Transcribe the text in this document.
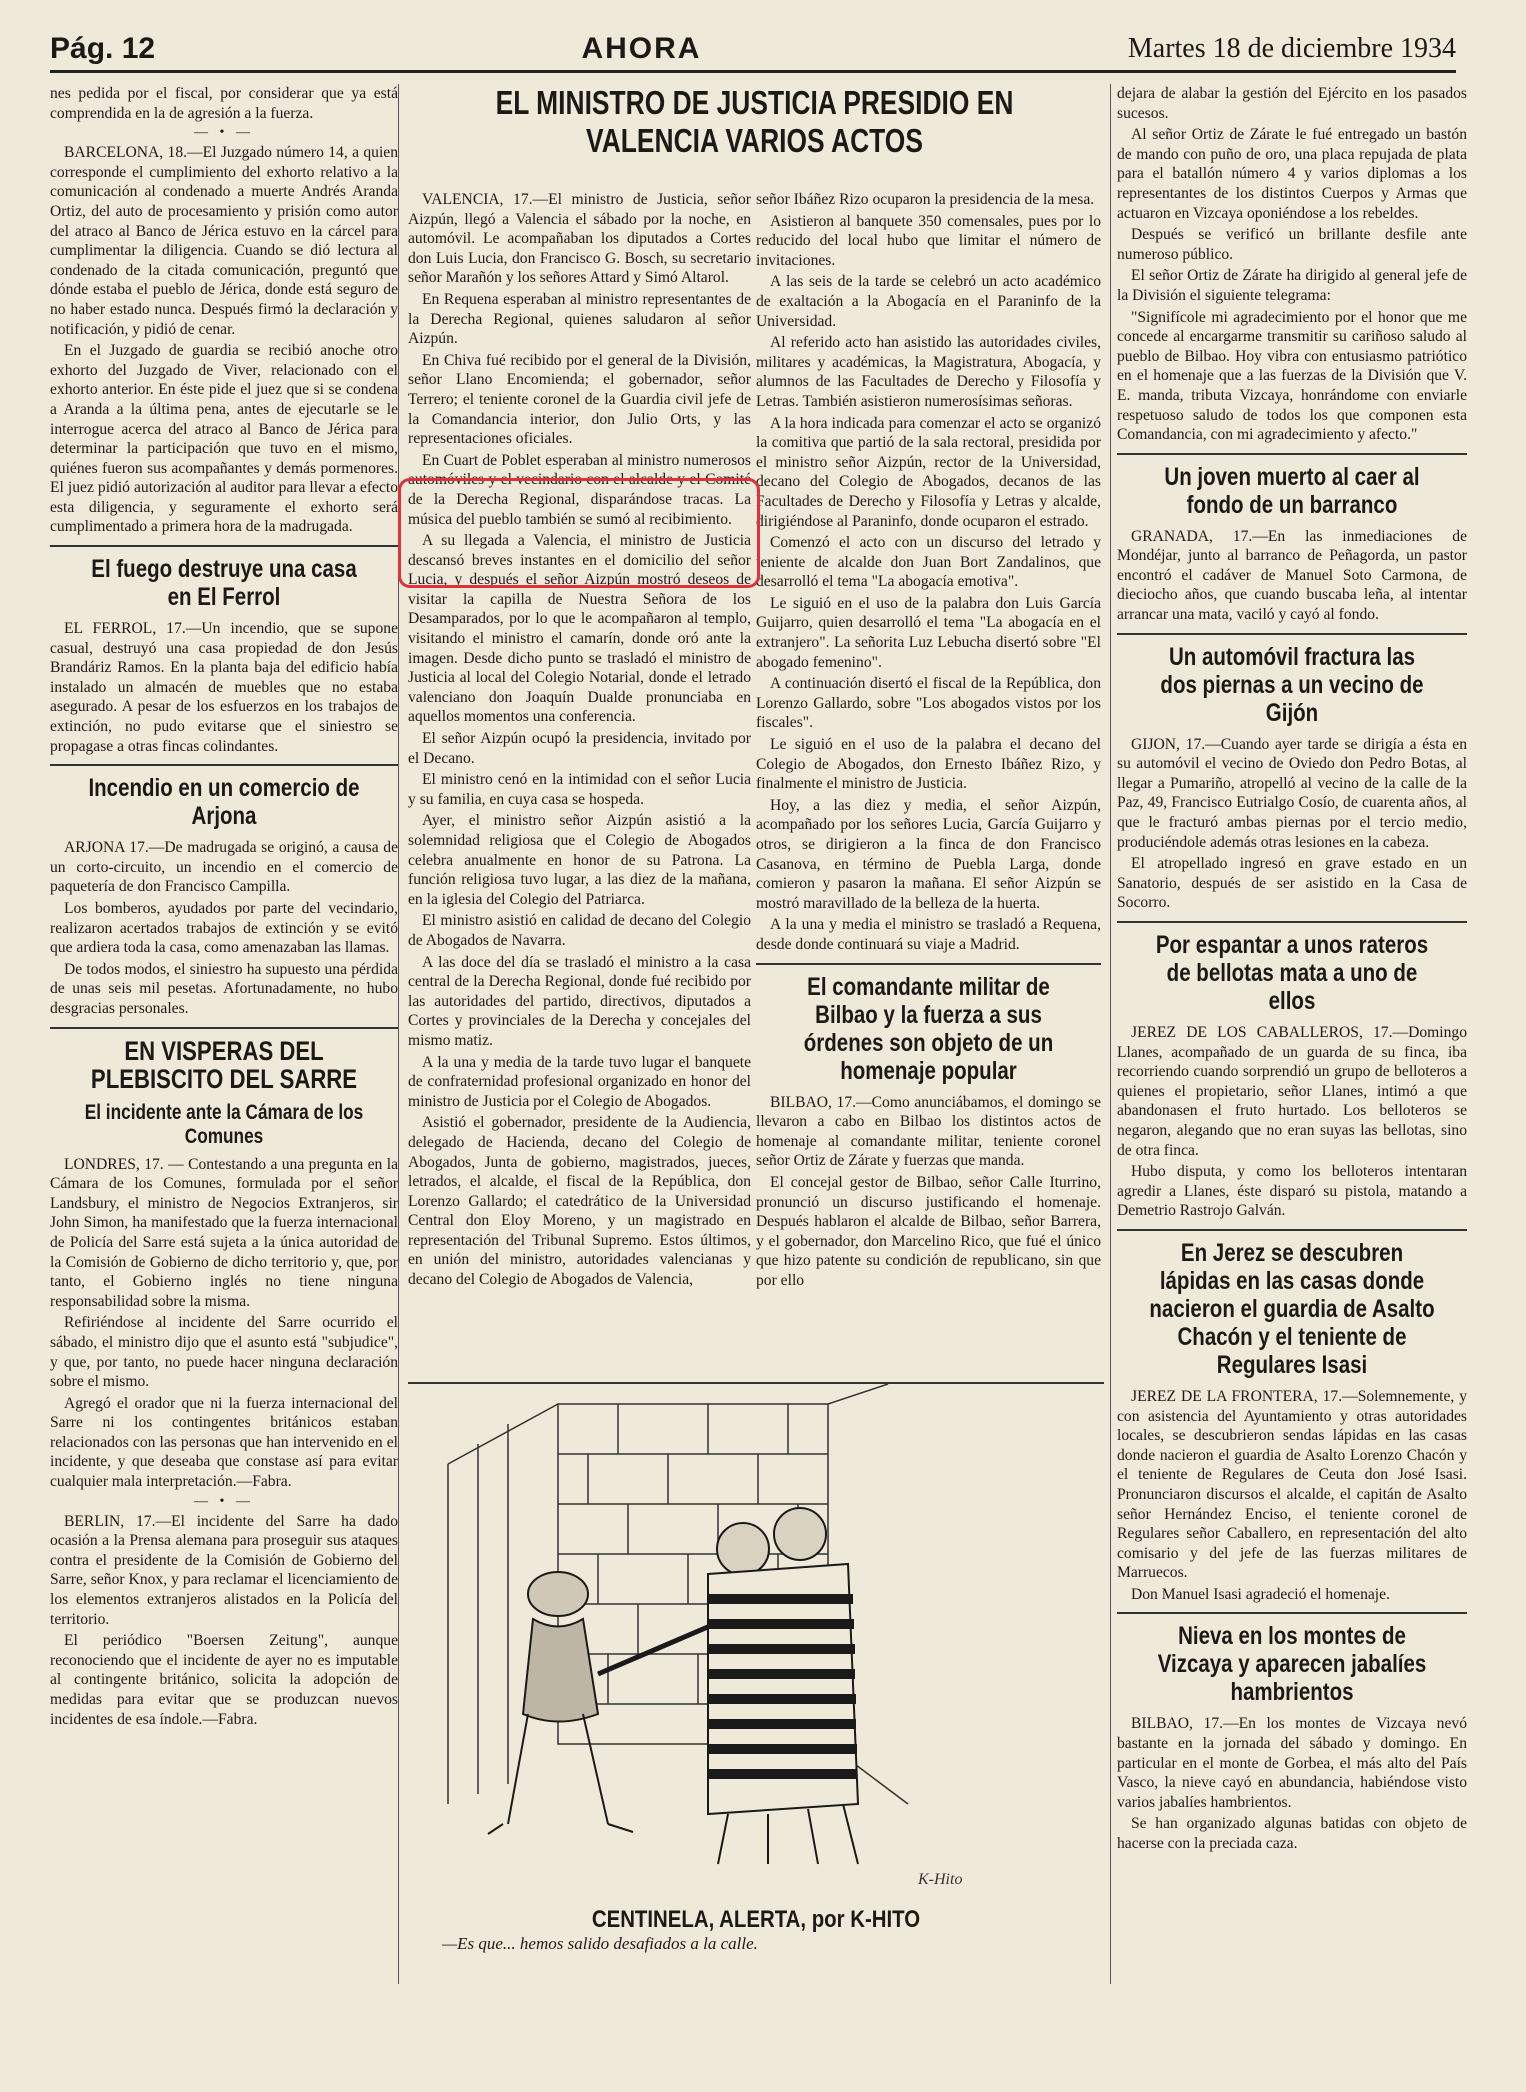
Pág. 12	AHORA	Martes 18 de diciembre 1934

nes pedida por el fiscal, por considerar que ya está comprendida en la de agresión a la fuerza.

— • —

BARCELONA, 18.—El Juzgado número 14, a quien corresponde el cumplimiento del exhorto relativo a la comunicación al condenado a muerte Andrés Aranda Ortiz, del auto de procesamiento y prisión como autor del atraco al Banco de Jérica estuvo en la cárcel para cumplimentar la diligencia. Cuando se dió lectura al condenado de la citada comunicación, preguntó que dónde estaba el pueblo de Jérica, donde está seguro de no haber estado nunca. Después firmó la declaración y notificación, y pidió de cenar.

En el Juzgado de guardia se recibió anoche otro exhorto del Juzgado de Viver, relacionado con el exhorto anterior. En éste pide el juez que si se condena a Aranda a la última pena, antes de ejecutarle se le interrogue acerca del atraco al Banco de Jérica para determinar la participación que tuvo en el mismo, quiénes fueron sus acompañantes y demás pormenores. El juez pidió autorización al auditor para llevar a efecto esta diligencia, y seguramente el exhorto será cumplimentado a primera hora de la madrugada.

El fuego destruye una casa en El Ferrol

EL FERROL, 17.—Un incendio, que se supone casual, destruyó una casa propiedad de don Jesús Brandáriz Ramos. En la planta baja del edificio había instalado un almacén de muebles que no estaba asegurado. A pesar de los esfuerzos en los trabajos de extinción, no pudo evitarse que el siniestro se propagase a otras fincas colindantes.

Incendio en un comercio de Arjona

ARJONA 17.—De madrugada se originó, a causa de un corto-circuito, un incendio en el comercio de paquetería de don Francisco Campilla.

Los bomberos, ayudados por parte del vecindario, realizaron acertados trabajos de extinción y se evitó que ardiera toda la casa, como amenazaban las llamas.

De todos modos, el siniestro ha supuesto una pérdida de unas seis mil pesetas. Afortunadamente, no hubo desgracias personales.

EN VISPERAS DEL PLEBISCITO DEL SARRE
El incidente ante la Cámara de los Comunes

LONDRES, 17. — Contestando a una pregunta en la Cámara de los Comunes, formulada por el señor Landsbury, el ministro de Negocios Extranjeros, sir John Simon, ha manifestado que la fuerza internacional de Policía del Sarre está sujeta a la única autoridad de la Comisión de Gobierno de dicho territorio y, que, por tanto, el Gobierno inglés no tiene ninguna responsabilidad sobre la misma.

Refiriéndose al incidente del Sarre ocurrido el sábado, el ministro dijo que el asunto está "subjudice", y que, por tanto, no puede hacer ninguna declaración sobre el mismo.

Agregó el orador que ni la fuerza internacional del Sarre ni los contingentes británicos estaban relacionados con las personas que han intervenido en el incidente, y que deseaba que constase así para evitar cualquier mala interpretación.—Fabra.

— • —

BERLIN, 17.—El incidente del Sarre ha dado ocasión a la Prensa alemana para proseguir sus ataques contra el presidente de la Comisión de Gobierno del Sarre, señor Knox, y para reclamar el licenciamiento de los elementos extranjeros alistados en la Policía del territorio.

El periódico "Boersen Zeitung", aunque reconociendo que el incidente de ayer no es imputable al contingente británico, solicita la adopción de medidas para evitar que se produzcan nuevos incidentes de esa índole.—Fabra.

EL MINISTRO DE JUSTICIA PRESIDIO EN VALENCIA VARIOS ACTOS

VALENCIA, 17.—El ministro de Justicia, señor Aizpún, llegó a Valencia el sábado por la noche, en automóvil. Le acompañaban los diputados a Cortes don Luis Lucia, don Francisco G. Bosch, su secretario señor Marañón y los señores Attard y Simó Altarol.

En Requena esperaban al ministro representantes de la Derecha Regional, quienes saludaron al señor Aizpún.

En Chiva fué recibido por el general de la División, señor Llano Encomienda; el gobernador, señor Terrero; el teniente coronel de la Guardia civil jefe de la Comandancia interior, don Julio Orts, y las representaciones oficiales.

En Cuart de Poblet esperaban al ministro numerosos automóviles y el vecindario con el alcalde y el Comité de la Derecha Regional, disparándose tracas. La música del pueblo también se sumó al recibimiento.

A su llegada a Valencia, el ministro de Justicia descansó breves instantes en el domicilio del señor Lucia, y después el señor Aizpún mostró deseos de visitar la capilla de Nuestra Señora de los Desamparados, por lo que le acompañaron al templo, visitando el ministro el camarín, donde oró ante la imagen. Desde dicho punto se trasladó el ministro de Justicia al local del Colegio Notarial, donde el letrado valenciano don Joaquín Dualde pronunciaba en aquellos momentos una conferencia.

El señor Aizpún ocupó la presidencia, invitado por el Decano.

El ministro cenó en la intimidad con el señor Lucia y su familia, en cuya casa se hospeda.

Ayer, el ministro señor Aizpún asistió a la solemnidad religiosa que el Colegio de Abogados celebra anualmente en honor de su Patrona. La función religiosa tuvo lugar, a las diez de la mañana, en la iglesia del Colegio del Patriarca.

El ministro asistió en calidad de decano del Colegio de Abogados de Navarra.

A las doce del día se trasladó el ministro a la casa central de la Derecha Regional, donde fué recibido por las autoridades del partido, directivos, diputados a Cortes y provinciales de la Derecha y concejales del mismo matiz.

A la una y media de la tarde tuvo lugar el banquete de confraternidad profesional organizado en honor del ministro de Justicia por el Colegio de Abogados.

Asistió el gobernador, presidente de la Audiencia, delegado de Hacienda, decano del Colegio de Abogados, Junta de gobierno, magistrados, jueces, letrados, el alcalde, el fiscal de la República, don Lorenzo Gallardo; el catedrático de la Universidad Central don Eloy Moreno, y un magistrado en representación del Tribunal Supremo. Estos últimos, en unión del ministro, autoridades valencianas y decano del Colegio de Abogados de Valencia,

señor Ibáñez Rizo ocuparon la presidencia de la mesa.

Asistieron al banquete 350 comensales, pues por lo reducido del local hubo que limitar el número de invitaciones.

A las seis de la tarde se celebró un acto académico de exaltación a la Abogacía en el Paraninfo de la Universidad.

Al referido acto han asistido las autoridades civiles, militares y académicas, la Magistratura, Abogacía, y alumnos de las Facultades de Derecho y Filosofía y Letras. También asistieron numerosísimas señoras.

A la hora indicada para comenzar el acto se organizó la comitiva que partió de la sala rectoral, presidida por el ministro señor Aizpún, rector de la Universidad, decano del Colegio de Abogados, decanos de las Facultades de Derecho y Filosofía y Letras y alcalde, dirigiéndose al Paraninfo, donde ocuparon el estrado.

Comenzó el acto con un discurso del letrado y teniente de alcalde don Juan Bort Zandalinos, que desarrolló el tema "La abogacía emotiva".

Le siguió en el uso de la palabra don Luis García Guijarro, quien desarrolló el tema "La abogacía en el extranjero". La señorita Luz Lebucha disertó sobre "El abogado femenino".

A continuación disertó el fiscal de la República, don Lorenzo Gallardo, sobre "Los abogados vistos por los fiscales".

Le siguió en el uso de la palabra el decano del Colegio de Abogados, don Ernesto Ibáñez Rizo, y finalmente el ministro de Justicia.

Hoy, a las diez y media, el señor Aizpún, acompañado por los señores Lucia, García Guijarro y otros, se dirigieron a la finca de don Francisco Casanova, en término de Puebla Larga, donde comieron y pasaron la mañana. El señor Aizpún se mostró maravillado de la belleza de la huerta.

A la una y media el ministro se trasladó a Requena, desde donde continuará su viaje a Madrid.

El comandante militar de Bilbao y la fuerza a sus órdenes son objeto de un homenaje popular

BILBAO, 17.—Como anunciábamos, el domingo se llevaron a cabo en Bilbao los distintos actos de homenaje al comandante militar, teniente coronel señor Ortiz de Zárate y fuerzas que manda.

El concejal gestor de Bilbao, señor Calle Iturrino, pronunció un discurso justificando el homenaje. Después hablaron el alcalde de Bilbao, señor Barrera, y el gobernador, don Marcelino Rico, que fué el único que hizo patente su condición de republicano, sin que por ello

dejara de alabar la gestión del Ejército en los pasados sucesos.

Al señor Ortiz de Zárate le fué entregado un bastón de mando con puño de oro, una placa repujada de plata para el batallón número 4 y varios diplomas a los representantes de los distintos Cuerpos y Armas que actuaron en Vizcaya oponiéndose a los rebeldes.

Después se verificó un brillante desfile ante numeroso público.

El señor Ortiz de Zárate ha dirigido al general jefe de la División el siguiente telegrama:

"Signifícole mi agradecimiento por el honor que me concede al encargarme transmitir su cariñoso saludo al pueblo de Bilbao. Hoy vibra con entusiasmo patriótico en el homenaje que a las fuerzas de la División que V. E. manda, tributa Vizcaya, honrándome con enviarle respetuoso saludo de todos los que componen esta Comandancia, con mi agradecimiento y afecto."

Un joven muerto al caer al fondo de un barranco

GRANADA, 17.—En las inmediaciones de Mondéjar, junto al barranco de Peñagorda, un pastor encontró el cadáver de Manuel Soto Carmona, de dieciocho años, que cuando buscaba leña, al intentar arrancar una mata, vaciló y cayó al fondo.

Un automóvil fractura las dos piernas a un vecino de Gijón

GIJON, 17.—Cuando ayer tarde se dirigía a ésta en su automóvil el vecino de Oviedo don Pedro Botas, al llegar a Pumariño, atropelló al vecino de la calle de la Paz, 49, Francisco Eutrialgo Cosío, de cuarenta años, al que le fracturó ambas piernas por el tercio medio, produciéndole además otras lesiones en la cabeza.

El atropellado ingresó en grave estado en un Sanatorio, después de ser asistido en la Casa de Socorro.

Por espantar a unos rateros de bellotas mata a uno de ellos

JEREZ DE LOS CABALLEROS, 17.—Domingo Llanes, acompañado de un guarda de su finca, iba recorriendo cuando sorprendió un grupo de belloteros a quienes el propietario, señor Llanes, intimó a que abandonasen el fruto hurtado. Los belloteros se negaron, alegando que no eran suyas las bellotas, sino de otra finca.

Hubo disputa, y como los belloteros intentaran agredir a Llanes, éste disparó su pistola, matando a Demetrio Rastrojo Galván.

En Jerez se descubren lápidas en las casas donde nacieron el guardia de Asalto Chacón y el teniente de Regulares Isasi

JEREZ DE LA FRONTERA, 17.—Solemnemente, y con asistencia del Ayuntamiento y otras autoridades locales, se descubrieron sendas lápidas en las casas donde nacieron el guardia de Asalto Lorenzo Chacón y el teniente de Regulares de Ceuta don José Isasi. Pronunciaron discursos el alcalde, el capitán de Asalto señor Hernández Enciso, el teniente coronel de Regulares señor Caballero, en representación del alto comisario y del jefe de las fuerzas militares de Marruecos.

Don Manuel Isasi agradeció el homenaje.

Nieva en los montes de Vizcaya y aparecen jabalíes hambrientos

BILBAO, 17.—En los montes de Vizcaya nevó bastante en la jornada del sábado y domingo. En particular en el monte de Gorbea, el más alto del País Vasco, la nieve cayó en abundancia, habiéndose visto varios jabalíes hambrientos.

Se han organizado algunas batidas con objeto de hacerse con la preciada caza.

K-Hito
CENTINELA, ALERTA, por K-HITO
—Es que... hemos salido desafiados a la calle.
